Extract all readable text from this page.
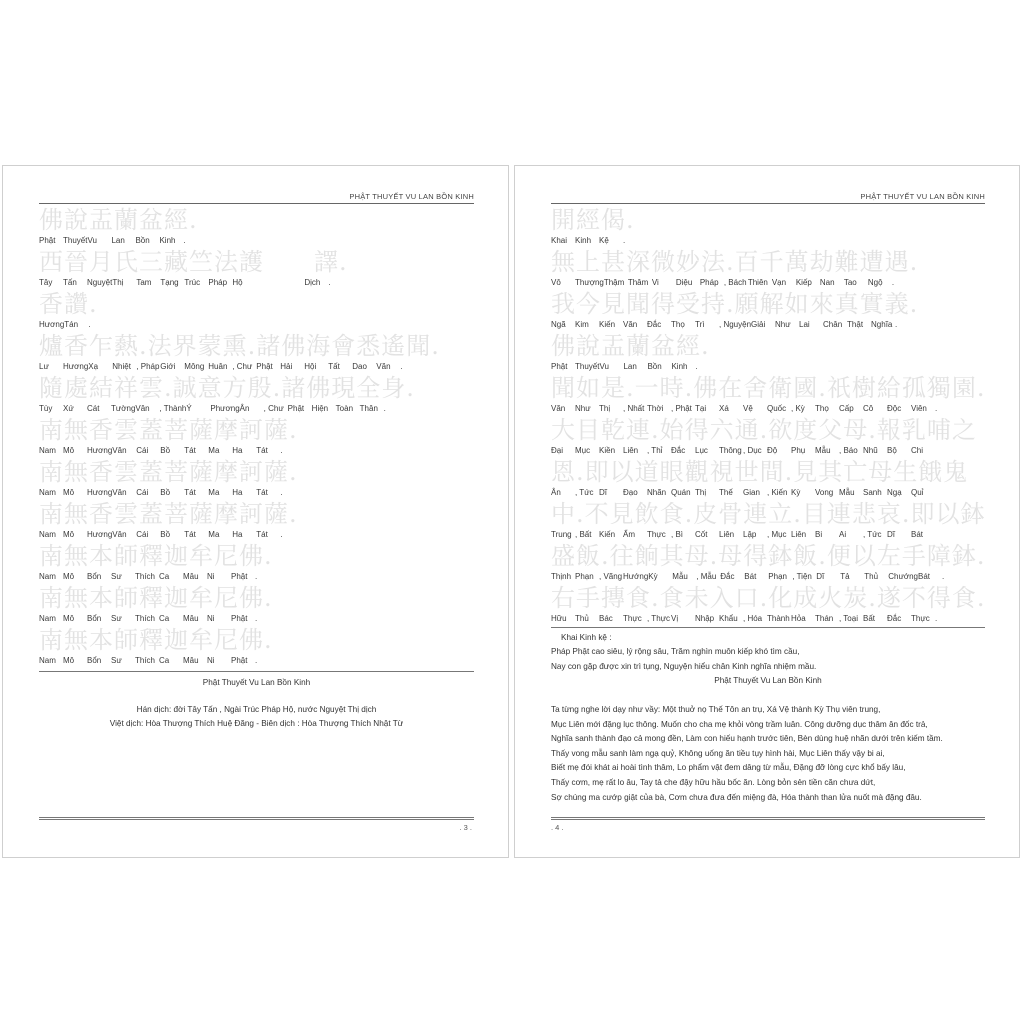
PHẬT THUYẾT VU LAN BỒN KINH
佛說盂蘭盆經.
Phật ThuyếtVu Lan Bồn Kinh .
西晉月氏三藏竺法護　　譯.
Tây Tấn NguyệtThị Tam Tạng Trúc Pháp Hộ	Dịch .
香讚.
HươngTán .
爐香乍爇.法界蒙熏.諸佛海會悉遙聞.
Lư HươngXạ Nhiệt , PhápGiới Mông Huân , Chư Phật Hải Hội Tất Dao Văn .
隨處結祥雲.誠意方殷.諸佛現全身.
Tùy Xứ Cát TườngVân , ThànhÝ PhươngÂn , Chư Phật Hiện Toàn Thân .
南無香雲蓋菩薩摩訶薩.
Nam Mô HươngVân Cái Bồ Tát Ma Ha Tát .
南無香雲蓋菩薩摩訶薩.
Nam Mô HươngVân Cái Bồ Tát Ma Ha Tát .
南無香雲蓋菩薩摩訶薩.
Nam Mô HươngVân Cái Bồ Tát Ma Ha Tát .
南無本師釋迦牟尼佛.
Nam Mô Bổn Sư Thích Ca Mâu Ni Phật .
南無本師釋迦牟尼佛.
Nam Mô Bổn Sư Thích Ca Mâu Ni Phật .
南無本師釋迦牟尼佛.
Nam Mô Bổn Sư Thích Ca Mâu Ni Phật .
Phật Thuyết Vu Lan Bồn Kinh
Hán dịch: đời Tây Tấn , Ngài Trúc Pháp Hộ, nước Nguyệt Thị dịch
Việt dịch: Hòa Thượng Thích Huệ Đăng - Biên dịch : Hòa Thượng Thích Nhật Từ
. 3 .
PHẬT THUYẾT VU LAN BỒN KINH
開經偈.
Khai Kinh Kệ .
無上甚深微妙法.百千萬劫難遭遇.
Vô ThượngThậm Thâm Vi Diệu Pháp , BáchThiên Vạn Kiếp Nan Tao Ngộ .
我今見聞得受持.願解如來真實義.
Ngã Kim Kiến Văn Đắc Thọ Trì , NguyệnGiải Như Lai Chân Thật Nghĩa .
佛說盂蘭盆經.
Phật ThuyếtVu Lan Bồn Kinh .
聞如是.一時.佛在舍衛國.祇樹給孤獨園.
Văn Như Thị , Nhất Thời , Phật Tại Xá Vệ Quốc , Kỳ Thọ Cấp Cô Độc Viên .
大目乾連.始得六通.欲度父母.報乳哺之
Đại Mục Kiền Liên , Thỉ Đắc Lục Thông, Dục Độ Phụ Mẫu , Báo Nhũ Bộ Chi
恩.即以道眼觀視世間.見其亡母生餓鬼
Ân , Tức Dĩ Đạo Nhãn Quán Thị Thế Gian , Kiến Kỳ Vong Mẫu Sanh Ngạ Quỉ
中.不見飲食.皮骨連立.目連悲哀.即以鉢
Trung , Bất Kiến Ẩm Thực , Bì Cốt Liên Lập , Mục Liên Bi Ai , Tức Dĩ Bát
盛飯.往餉其母.母得鉢飯.便以左手障鉢.
Thịnh Phạn , VãngHướngKỳ Mẫu , Mẫu Đắc Bát Phạn , Tiện Dĩ Tả Thủ ChướngBát .
右手摶食.食未入口.化成火炭.遂不得食.
Hữu Thủ Bác Thực , ThựcVị Nhập Khẩu , Hóa ThànhHỏa Thán , Toại Bất Đắc Thực .
Khai Kinh kệ :
Pháp Phật cao siêu, lý rộng sâu, Trăm nghìn muôn kiếp khó tìm cầu,
Nay con gặp được xin trì tụng, Nguyện hiểu chân Kinh nghĩa nhiệm mầu.
Phật Thuyết Vu Lan Bồn Kinh
Ta từng nghe lời dạy như vầy: Một thuở nọ Thế Tôn an trụ, Xá Vệ thành Kỳ Thụ viên trung,
Mục Liên mới đặng lục thông. Muốn cho cha mẹ khỏi vòng trầm luân. Công dưỡng dục thâm ân đốc trả,
Nghĩa sanh thành đạo cả mong đền, Làm con hiếu hạnh trước tiên, Bèn dùng huệ nhãn dưới trên kiếm tầm.
Thấy vong mẫu sanh làm ngạ quỷ, Không uống ăn tiều tụy hình hài, Mục Liên thấy vậy bi ai,
Biết mẹ đói khát ai hoài tình thâm, Lo phẩm vật đem dâng từ mẫu, Đặng đỡ lòng cực khổ bấy lâu,
Thấy cơm, mẹ rất lo âu, Tay tả che đậy hữu hầu bốc ăn. Lòng bỏn sẻn tiền căn chưa dứt,
Sợ chúng ma cướp giật của bà, Cơm chưa đưa đến miệng đà, Hóa thành than lửa nuốt mà đặng đâu.
. 4 .
